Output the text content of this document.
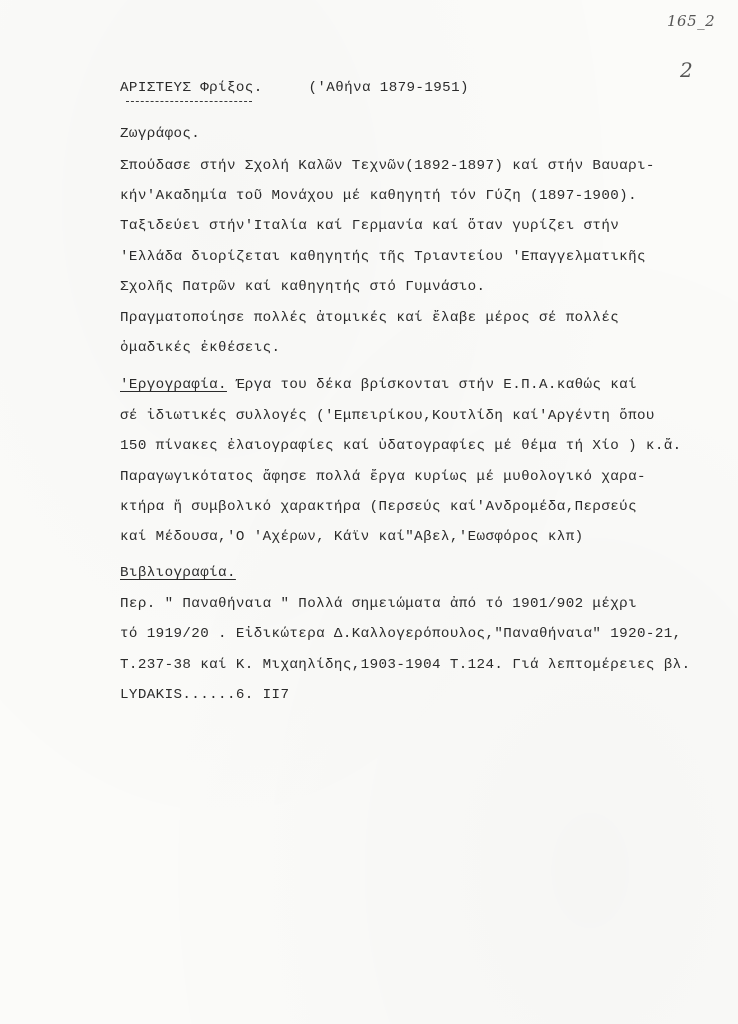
165_2
2
ΑΡΙΣΤΕΥΣ Φρίξος.	('Αθήνα 1879-1951)
Ζωγράφος.
Σπούδασε στήν Σχολή Καλῶν Τεχνῶν(1892-1897) καί στήν Βαυαρι-
κήν'Ακαδημία τοῦ Μονάχου μέ καθηγητή τόν Γύζη (1897-1900).
Ταξιδεύει στήν'Ιταλία καί Γερμανία καί ὅταν γυρίζει στήν
'Ελλάδα διορίζεται καθηγητής τῆς Τριαντείου 'Επαγγελματικῆς
Σχολῆς Πατρῶν καί καθηγητής στό Γυμνάσιο.
Πραγματοποίησε πολλές ἀτομικές καί ἔλαβε μέρος σέ πολλές
ὁμαδικές ἐκθέσεις.
'Εργογραφία. Έργα του δέκα βρίσκονται στήν Ε.Π.Α.καθώς καί
σέ ἰδιωτικές συλλογές ('Εμπειρίκου,Κουτλίδη καί'Αργέντη ὅπου
150 πίνακες ἐλαιογραφίες καί ὑδατογραφίες μέ θέμα τή Χίο ) κ.ἄ.
Παραγωγικότατος ἄφησε πολλά ἔργα κυρίως μέ μυθολογικό χαρα-
κτήρα ἤ συμβολικό χαρακτήρα (Περσεύς καί'Ανδρομέδα,Περσεύς
καί Μέδουσα,'Ο 'Αχέρων, Κάϊν καί"Αβελ,'Εωσφόρος κλπ)
Βιβλιογραφία.
Περ. " Παναθήναια " Πολλά σημειώματα ἀπό τό 1901/902 μέχρι
τό 1919/20 . Εἰδικώτερα Δ.Καλλογερόπουλος,"Παναθήναια" 1920-21,
Τ.237-38 καί Κ. Μιχαηλίδης,1903-1904 Τ.124. Γιά λεπτομέρειες βλ.
LYDAKIS......6. II7
